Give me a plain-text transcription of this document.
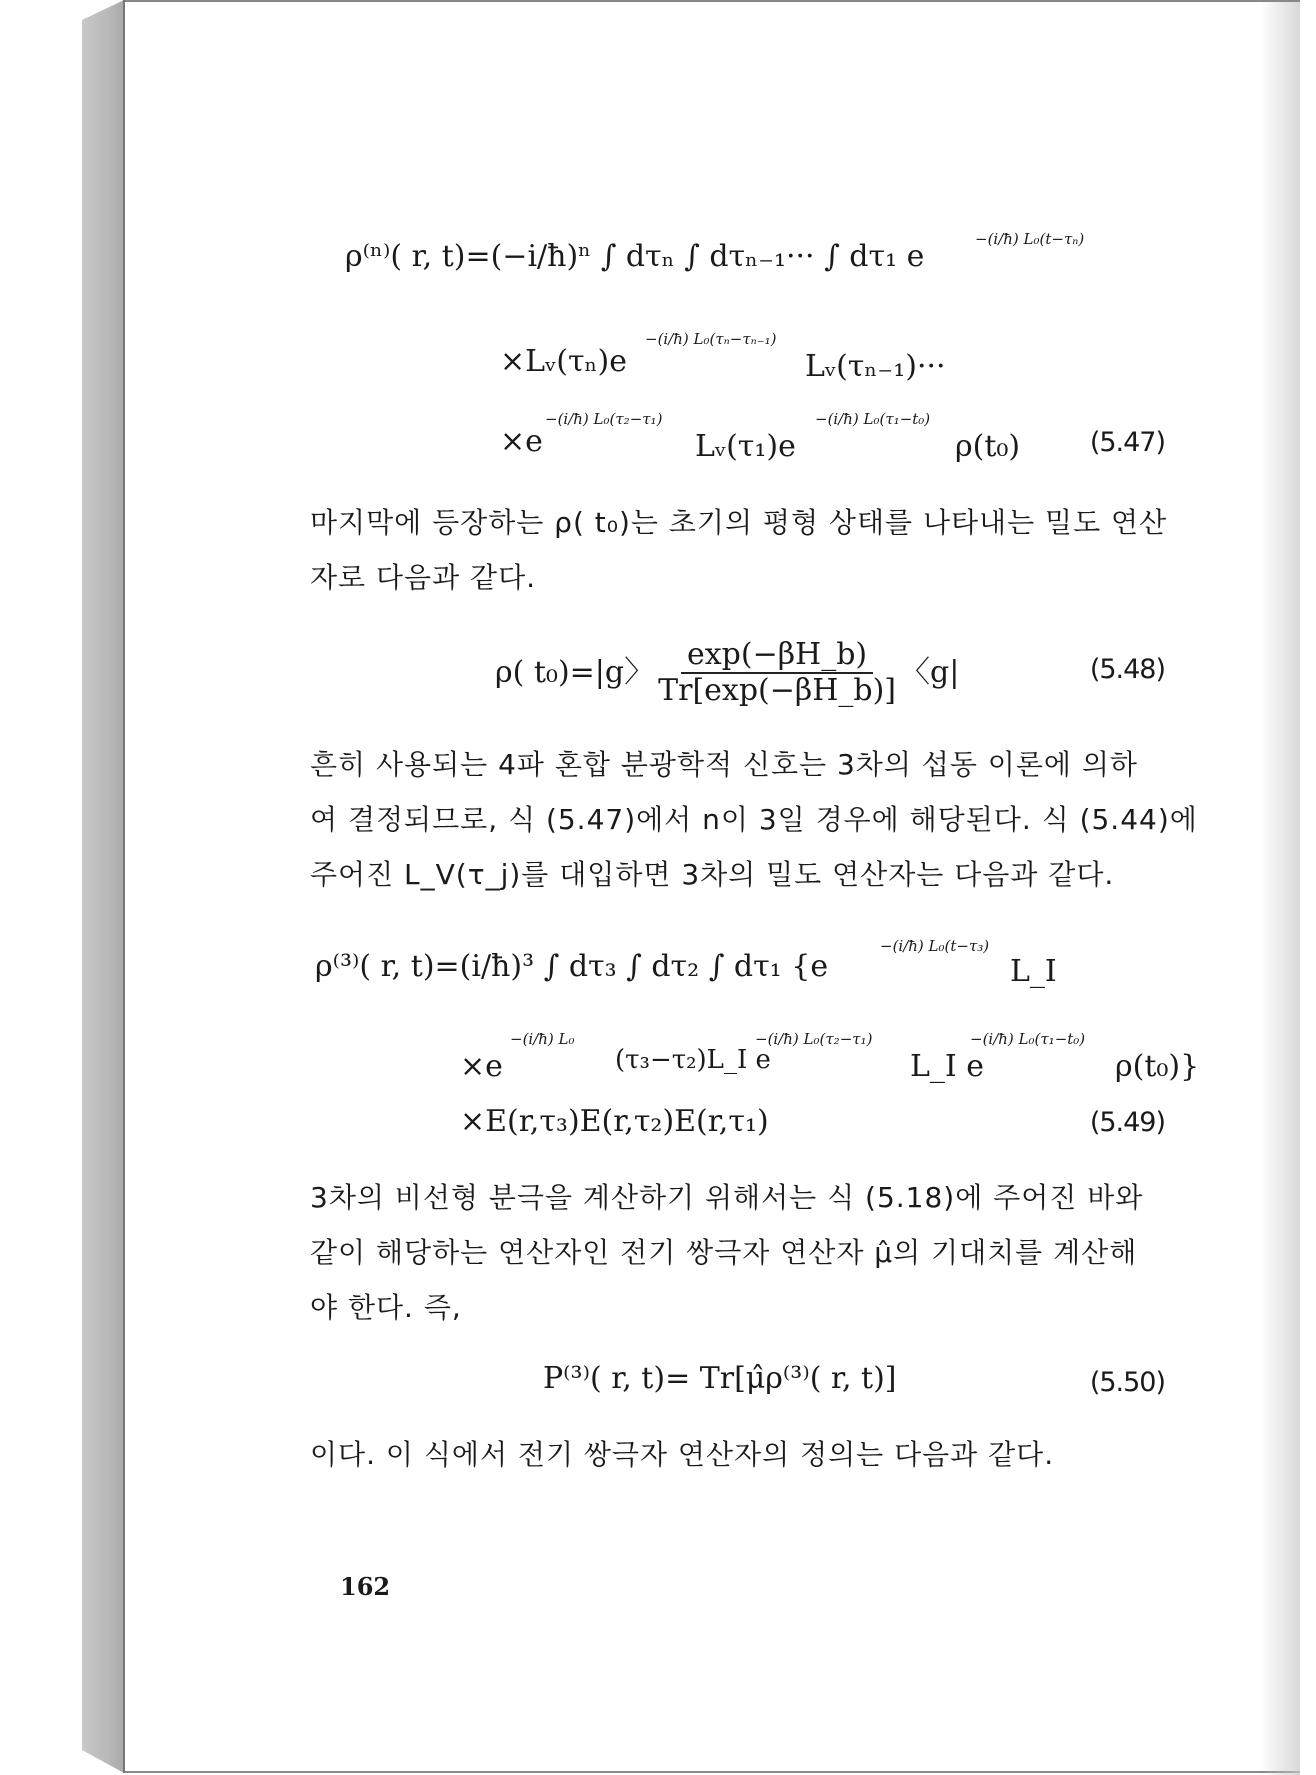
ρ⁽ⁿ⁾( r, t)=(−i/ħ)ⁿ ∫ dτₙ ∫ dτₙ₋₁··· ∫ dτ₁ e	−(i/ħ) L₀(t−τₙ)
×Lᵥ(τₙ)e
−(i/ħ) L₀(τₙ−τₙ₋₁)
Lᵥ(τₙ₋₁)···
×e
−(i/ħ) L₀(τ₂−τ₁)
Lᵥ(τ₁)e
−(i/ħ) L₀(τ₁−t₀)
ρ(t₀)	(5.47)
마지막에 등장하는 ρ( t₀)는 초기의 평형 상태를 나타내는 밀도 연산
자로 다음과 같다.
ρ( t₀)=|g〉 $\frac{\exp(-\beta H\_b)}{Tr[\exp(-\beta H\_b)]}$ 〈g|	(5.48)
흔히 사용되는 4파 혼합 분광학적 신호는 3차의 섭동 이론에 의하
여 결정되므로, 식 (5.47)에서 n이 3일 경우에 해당된다. 식 (5.44)에
주어진 L_V(τ_j)를 대입하면 3차의 밀도 연산자는 다음과 같다.
ρ⁽³⁾( r, t)=(i/ħ)³ ∫ dτ₃ ∫ dτ₂ ∫ dτ₁ {e
−(i/ħ) L₀(t−τ₃)
L_I
×e
−(i/ħ) L₀
(τ₃−τ₂)L_I e
−(i/ħ) L₀(τ₂−τ₁)
L_I e
−(i/ħ) L₀(τ₁−t₀)
ρ(t₀)}
×E(r,τ₃)E(r,τ₂)E(r,τ₁)	(5.49)
3차의 비선형 분극을 계산하기 위해서는 식 (5.18)에 주어진 바와
같이 해당하는 연산자인 전기 쌍극자 연산자 μ̂의 기대치를 계산해
야 한다. 즉,
P⁽³⁾( r, t)= Tr[μ̂ρ⁽³⁾( r, t)]	(5.50)
이다. 이 식에서 전기 쌍극자 연산자의 정의는 다음과 같다.
162
